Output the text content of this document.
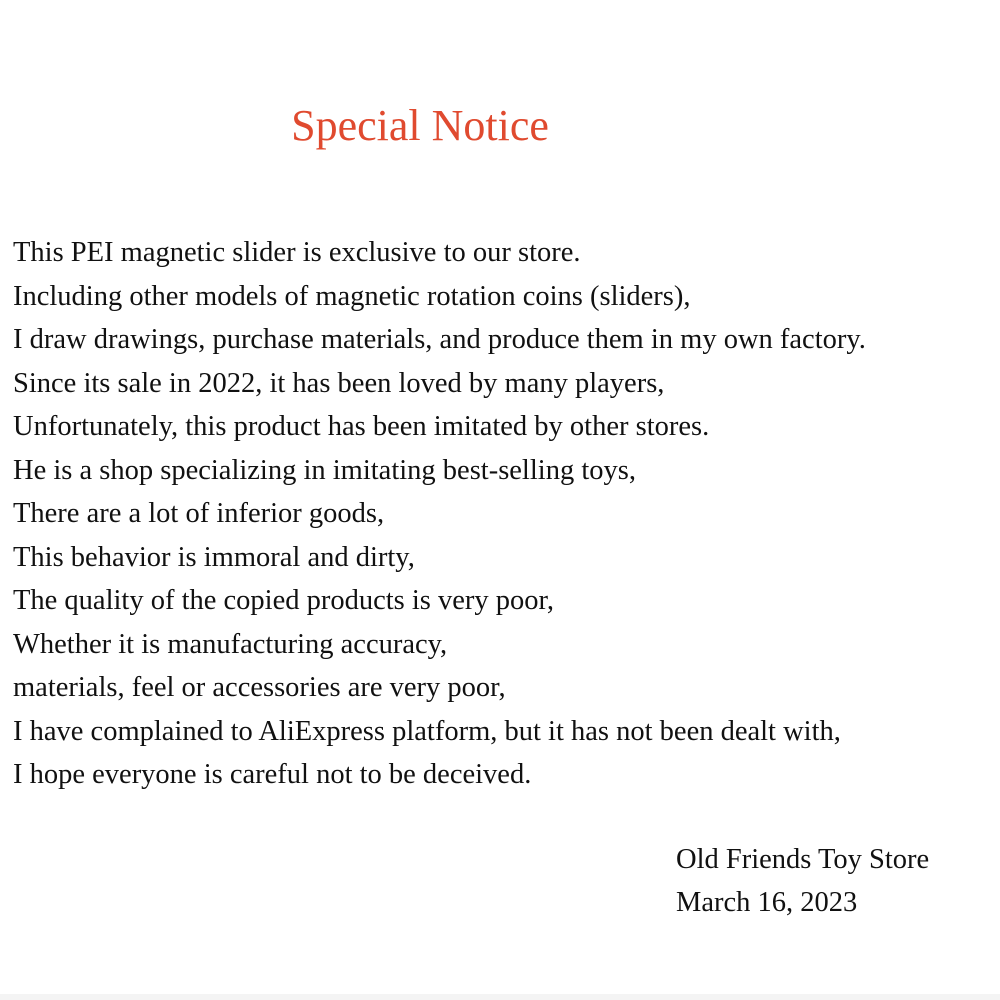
Special Notice
This PEI magnetic slider is exclusive to our store.
Including other models of magnetic rotation coins (sliders),
I draw drawings, purchase materials, and produce them in my own factory.
Since its sale in 2022, it has been loved by many players,
Unfortunately, this product has been imitated by other stores.
He is a shop specializing in imitating best-selling toys,
There are a lot of inferior goods,
This behavior is immoral and dirty,
The quality of the copied products is very poor,
Whether it is manufacturing accuracy,
materials, feel or accessories are very poor,
I have complained to AliExpress platform, but it has not been dealt with,
I hope everyone is careful not to be deceived.
Old Friends Toy Store
March 16, 2023
